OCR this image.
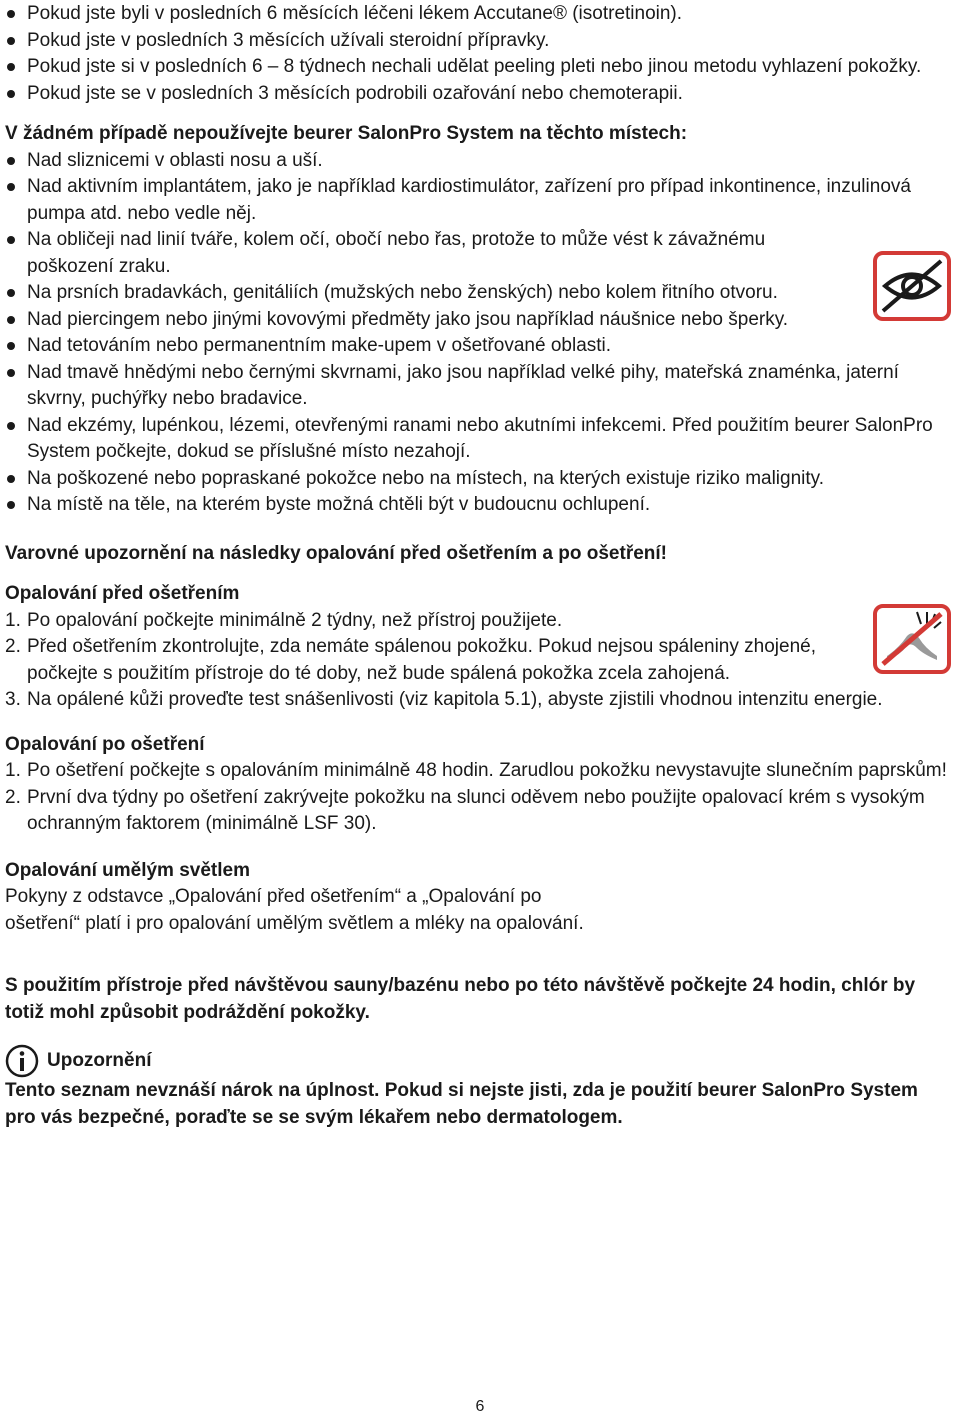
Pokud jste byli v posledních 6 měsících léčeni lékem Accutane® (isotretinoin).
Pokud jste v posledních 3 měsících užívali steroidní přípravky.
Pokud jste si v posledních 6 – 8 týdnech nechali udělat peeling pleti nebo jinou metodu vyhlazení pokožky.
Pokud jste se v posledních 3 měsících podrobili ozařování nebo chemoterapii.

V žádném případě nepoužívejte beurer SalonPro System na těchto místech:

Nad sliznicemi v oblasti nosu a uší.
Nad aktivním implantátem, jako je například kardiostimulátor, zařízení pro případ inkontinence, inzulinová pumpa atd. nebo vedle něj.
Na obličeji nad linií tváře, kolem očí, obočí nebo řas, protože to může vést k závažnému poškození zraku.
Na prsních bradavkách, genitáliích (mužských nebo ženských) nebo kolem řitního otvoru.
Nad piercingem nebo jinými kovovými předměty jako jsou například náušnice nebo šperky.
Nad tetováním nebo permanentním make-upem v ošetřované oblasti.
Nad tmavě hnědými nebo černými skvrnami, jako jsou například velké pihy, mateřská znaménka, jaterní skvrny, puchýřky nebo bradavice.
Nad ekzémy, lupénkou, lézemi, otevřenými ranami nebo akutními infekcemi. Před použitím beurer SalonPro System počkejte, dokud se příslušné místo nezahojí.
Na poškozené nebo popraskané pokožce nebo na místech, na kterých existuje riziko malignity.
Na místě na těle, na kterém byste možná chtěli být v budoucnu ochlupení.

Varovné upozornění na následky opalování před ošetřením a po ošetření!

Opalování před ošetřením

1. Po opalování počkejte minimálně 2 týdny, než přístroj použijete.
2. Před ošetřením zkontrolujte, zda nemáte spálenou pokožku. Pokud nejsou spáleniny zhojené, počkejte s použitím přístroje do té doby, než bude spálená pokožka zcela zahojená.
3. Na opálené kůži proveďte test snášenlivosti (viz kapitola 5.1), abyste zjistili vhodnou intenzitu energie.

Opalování po ošetření

1. Po ošetření počkejte s opalováním minimálně 48 hodin. Zarudlou pokožku nevystavujte slunečním paprskům!
2. První dva týdny po ošetření zakrývejte pokožku na slunci oděvem nebo použijte opalovací krém s vysokým ochranným faktorem (minimálně LSF 30).

Opalování umělým světlem

Pokyny z odstavce „Opalování před ošetřením“ a „Opalování po

ošetření“ platí i pro opalování umělým světlem a mléky na opalování.

S použitím přístroje před návštěvou sauny/bazénu nebo po této návštěvě počkejte 24 hodin, chlór by totiž mohl způsobit podráždění pokožky.

Upozornění

Tento seznam nevznáší nárok na úplnost. Pokud si nejste jisti, zda je použití beurer SalonPro System pro vás bezpečné, poraďte se se svým lékařem nebo dermatologem.

6
